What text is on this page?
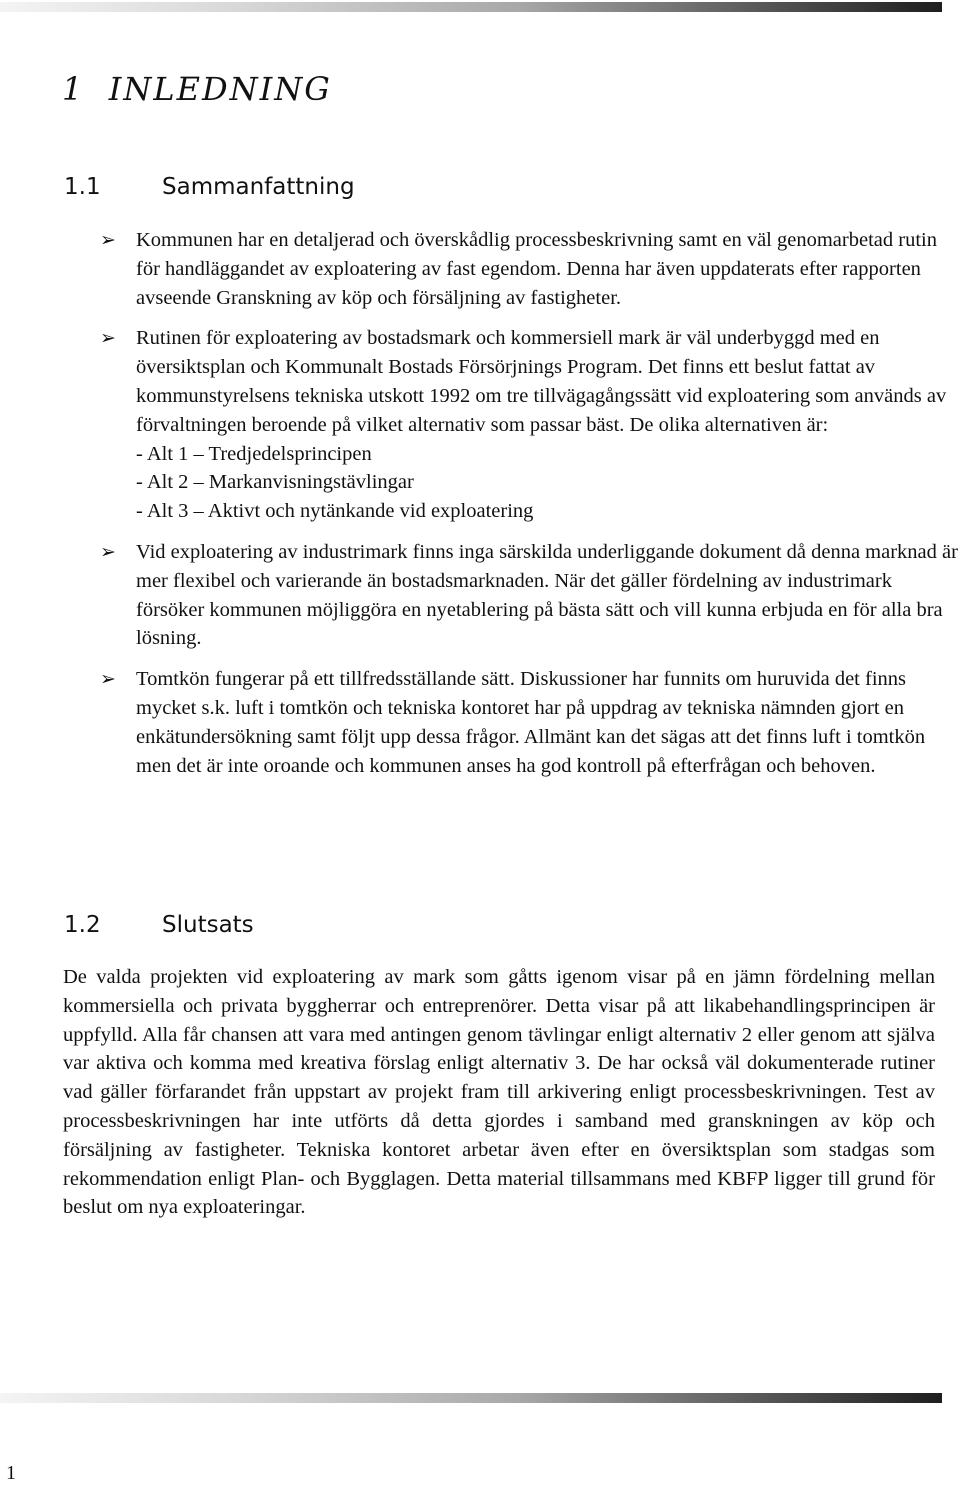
1 INLEDNING
1.1	Sammanfattning
➢ Kommunen har en detaljerad och överskådlig processbeskrivning samt en väl genomarbetad rutin för handläggandet av exploatering av fast egendom. Denna har även uppdaterats efter rapporten avseende Granskning av köp och försäljning av fastigheter.

➢ Rutinen för exploatering av bostadsmark och kommersiell mark är väl underbyggd med en översiktsplan och Kommunalt Bostads Försörjnings Program. Det finns ett beslut fattat av kommunstyrelsens tekniska utskott 1992 om tre tillvägagångssätt vid exploatering som används av förvaltningen beroende på vilket alternativ som passar bäst. De olika alternativen är:

- Alt 1 – Tredjedelsprincipen
- Alt 2 – Markanvisningstävlingar
- Alt 3 – Aktivt och nytänkande vid exploatering
➢ Vid exploatering av industrimark finns inga särskilda underliggande dokument då denna marknad är mer flexibel och varierande än bostadsmarknaden. När det gäller fördelning av industrimark försöker kommunen möjliggöra en nyetablering på bästa sätt och vill kunna erbjuda en för alla bra lösning.

➢ Tomtkön fungerar på ett tillfredsställande sätt. Diskussioner har funnits om huruvida det finns mycket s.k. luft i tomtkön och tekniska kontoret har på uppdrag av tekniska nämnden gjort en enkätundersökning samt följt upp dessa frågor. Allmänt kan det sägas att det finns luft i tomtkön men det är inte oroande och kommunen anses ha god kontroll på efterfrågan och behoven.

1.2	Slutsats

De valda projekten vid exploatering av mark som gåtts igenom visar på en jämn fördelning mellan kommersiella och privata byggherrar och entreprenörer. Detta visar på att likabehandlingsprincipen är uppfylld. Alla får chansen att vara med antingen genom tävlingar enligt alternativ 2 eller genom att själva var aktiva och komma med kreativa förslag enligt alternativ 3. De har också väl dokumenterade rutiner vad gäller förfarandet från uppstart av projekt fram till arkivering enligt processbeskrivningen. Test av processbeskrivningen har inte utförts då detta gjordes i samband med granskningen av köp och försäljning av fastigheter. Tekniska kontoret arbetar även efter en översiktsplan som stadgas som rekommendation enligt Plan- och Bygglagen. Detta material tillsammans med KBFP ligger till grund för beslut om nya exploateringar.

1
